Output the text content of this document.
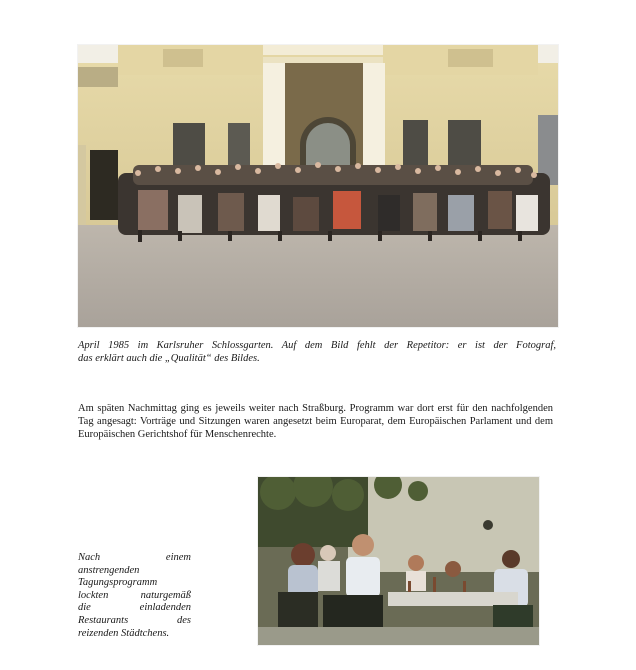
April 1985 im Karlsruher Schlossgarten. Auf dem Bild fehlt der Repetitor: er ist der Fotograf,
das erklärt auch die „Qualität“ des Bildes.
Am späten Nachmittag ging es jeweils weiter nach Straßburg. Programm war dort erst für den nachfolgenden Tag angesagt: Vorträge und Sitzungen waren angesetzt beim Europarat, dem Europäischen Parlament und dem Europäischen Gerichtshof für Menschenrechte.
Nach einem
anstrengenden
Tagungsprogramm
lockten naturgemäß
die einladenden
Restaurants des
reizenden Städtchens.
